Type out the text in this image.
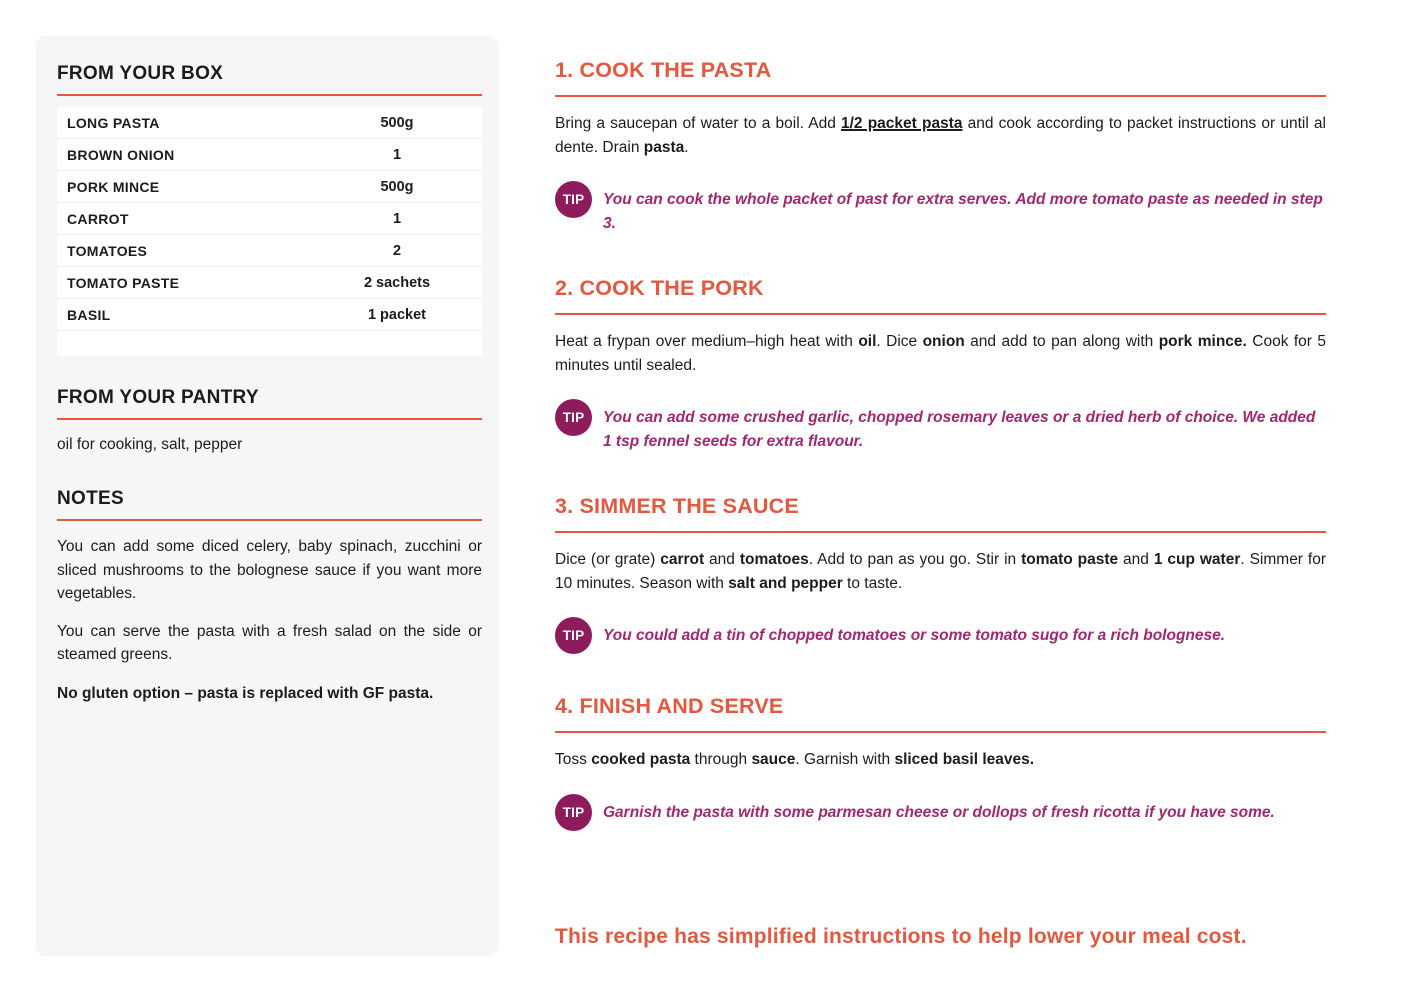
FROM YOUR BOX
LONG PASTA	500g
BROWN ONION	1
PORK MINCE	500g
CARROT	1
TOMATOES	2
TOMATO PASTE	2 sachets
BASIL	1 packet
FROM YOUR PANTRY

oil for cooking, salt, pepper

NOTES

You can add some diced celery, baby spinach, zucchini or sliced mushrooms to the bolognese sauce if you want more vegetables.

You can serve the pasta with a fresh salad on the side or steamed greens.

No gluten option – pasta is replaced with GF pasta.

1. COOK THE PASTA

Bring a saucepan of water to a boil. Add 1/2 packet pasta and cook according to packet instructions or until al dente. Drain pasta.

TIP	You can cook the whole packet of past for extra serves. Add more tomato paste as needed in step 3.
2. COOK THE PORK

Heat a frypan over medium–high heat with oil. Dice onion and add to pan along with pork mince. Cook for 5 minutes until sealed.

TIP	You can add some crushed garlic, chopped rosemary leaves or a dried herb of choice. We added 1 tsp fennel seeds for extra flavour.
3. SIMMER THE SAUCE

Dice (or grate) carrot and tomatoes. Add to pan as you go. Stir in tomato paste and 1 cup water. Simmer for 10 minutes. Season with salt and pepper to taste.

TIP	You could add a tin of chopped tomatoes or some tomato sugo for a rich bolognese.
4. FINISH AND SERVE

Toss cooked pasta through sauce. Garnish with sliced basil leaves.

TIP	Garnish the pasta with some parmesan cheese or dollops of fresh ricotta if you have some.

This recipe has simplified instructions to help lower your meal cost.
